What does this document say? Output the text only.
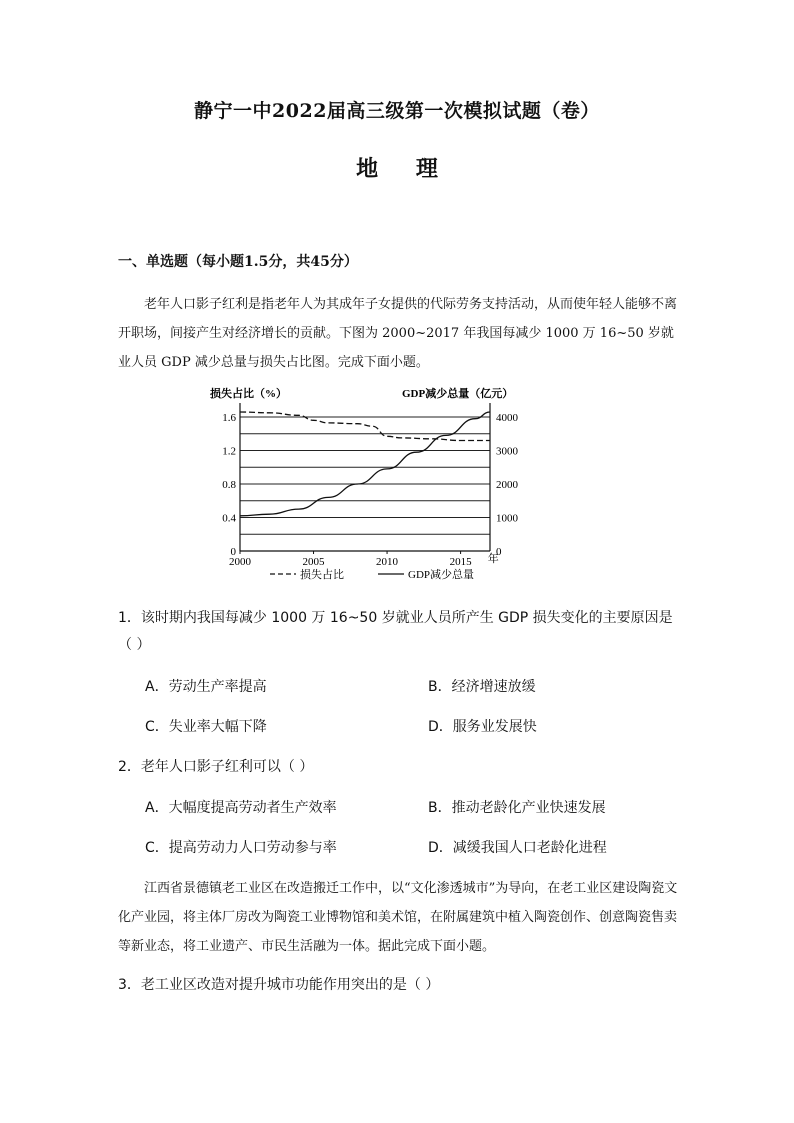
静宁一中2022届高三级第一次模拟试题（卷）
地 理
一、单选题（每小题1.5分，共45分）
老年人口影子红利是指老年人为其成年子女提供的代际劳务支持活动，从而使年轻人能够不离开职场，间接产生对经济增长的贡献。下图为 2000~2017 年我国每减少 1000 万 16~50 岁就业人员 GDP 减少总量与损失占比图。完成下面小题。
损失占比（%）	GDP减少总量（亿元）
0
0.4
0.8
1.2
1.6
0
1000
2000
3000
4000
2000	2005	2010	2015 年
损失占比	GDP减少总量
1．该时期内我国每减少 1000 万 16~50 岁就业人员所产生 GDP 损失变化的主要原因是
（ ）
A．劳动生产率提高	B．经济增速放缓
C．失业率大幅下降	D．服务业发展快
2．老年人口影子红利可以（ ）
A．大幅度提高劳动者生产效率	B．推动老龄化产业快速发展
C．提高劳动力人口劳动参与率	D．减缓我国人口老龄化进程
江西省景德镇老工业区在改造搬迁工作中，以“文化渗透城市”为导向，在老工业区建设陶瓷文化产业园，将主体厂房改为陶瓷工业博物馆和美术馆，在附属建筑中植入陶瓷创作、创意陶瓷售卖等新业态，将工业遗产、市民生活融为一体。据此完成下面小题。
3．老工业区改造对提升城市功能作用突出的是（ ）
